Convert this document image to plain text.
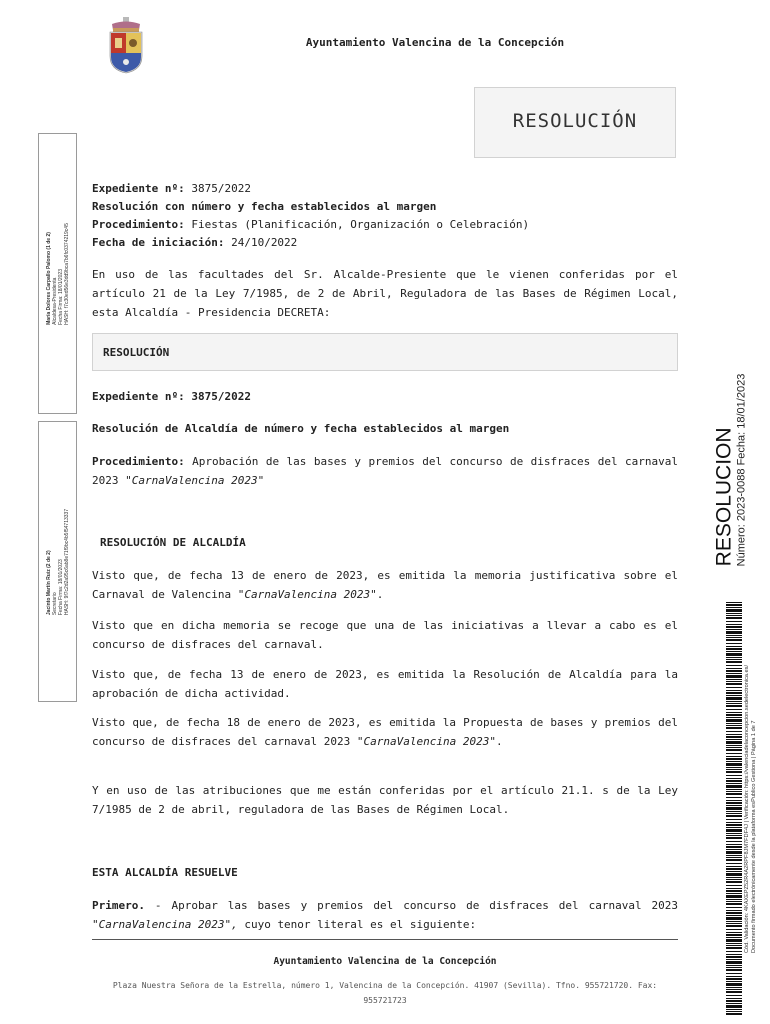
Ayuntamiento Valencina de la Concepción
RESOLUCIÓN
María Dolores Carpallo Palomo (1 de 2) Alcaldesa-Presidenta Fecha Firma: 18/01/2023 HASH: f7c30ed56e3dd9bca7b6fc0374219c45
Jacinto Martín Ruiz (2 de 2) Secretario Fecha Firma: 18/01/2023 HASH: 9f7c2d2a95c6ab8e71f9bc4b5f54713337
Expediente nº: 3875/2022
Resolución con número y fecha establecidos al margen
Procedimiento: Fiestas (Planificación, Organización o Celebración)
Fecha de iniciación: 24/10/2022
En uso de las facultades del Sr. Alcalde-Presiente que le vienen conferidas por el artículo 21 de la Ley 7/1985, de 2 de Abril, Reguladora de las Bases de Régimen Local, esta Alcaldía - Presidencia DECRETA:
RESOLUCIÓN
Expediente nº: 3875/2022
Resolución de Alcaldía de número y fecha establecidos al margen
Procedimiento: Aprobación de las bases y premios del concurso de disfraces del carnaval 2023 "CarnaValencina 2023"
RESOLUCIÓN DE ALCALDÍA
Visto que, de fecha 13 de enero de 2023, es emitida la memoria justificativa sobre el Carnaval de Valencina "CarnaValencina 2023".
Visto que en dicha memoria se recoge que una de las iniciativas a llevar a cabo es el concurso de disfraces del carnaval.
Visto que, de fecha 13 de enero de 2023, es emitida la Resolución de Alcaldía para la aprobación de dicha actividad.
Visto que, de fecha 18 de enero de 2023, es emitida la Propuesta de bases y premios del concurso de disfraces del carnaval 2023 "CarnaValencina 2023".
Y en uso de las atribuciones que me están conferidas por el artículo 21.1. s de la Ley 7/1985 de 2 de abril, reguladora de las Bases de Régimen Local.
ESTA ALCALDÍA RESUELVE
Primero. - Aprobar las bases y premios del concurso de disfraces del carnaval 2023 "CarnaValencina 2023", cuyo tenor literal es el siguiente:
Ayuntamiento Valencina de la Concepción
Plaza Nuestra Señora de la Estrella, número 1, Valencina de la Concepción. 41907 (Sevilla). Tfno. 955721720. Fax: 955721723
RESOLUCION Número: 2023-0088 Fecha: 18/01/2023
Cód. Validación: 4KAXEPZ52R4A2RPF8JM7FDF4J | Verificación: https://valenciadelaconcepcion.sedelectronica.es/ Documento firmado electrónicamente desde la plataforma esPublico Gestiona | Página 1 de 7
